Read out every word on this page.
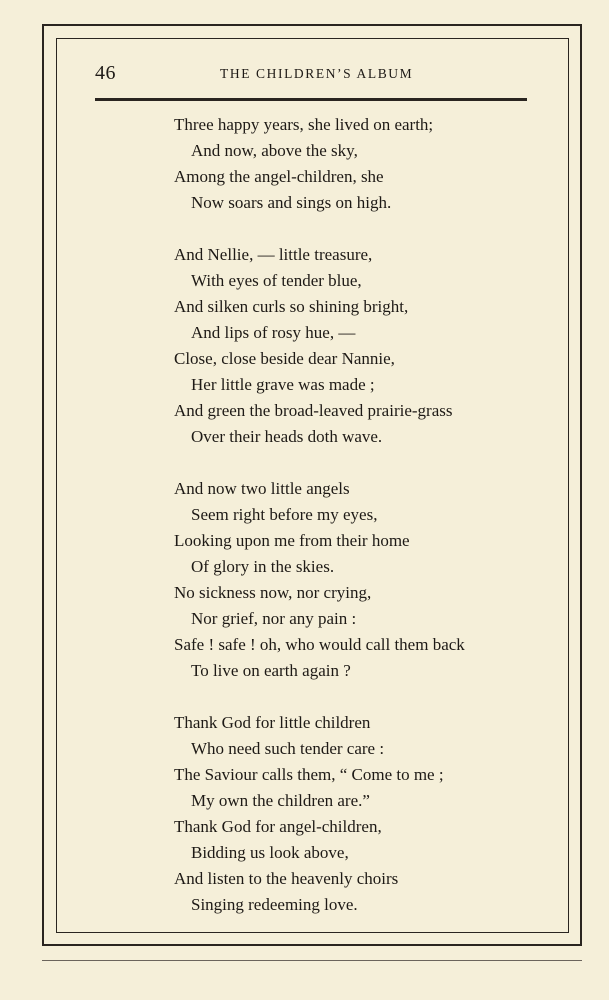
46	THE CHILDREN’S ALBUM
Three happy years, she lived on earth;
And now, above the sky,
Among the angel-children, she
Now soars and sings on high.
And Nellie, — little treasure,
With eyes of tender blue,
And silken curls so shining bright,
And lips of rosy hue, —
Close, close beside dear Nannie,
Her little grave was made ;
And green the broad-leaved prairie-grass
Over their heads doth wave.
And now two little angels
Seem right before my eyes,
Looking upon me from their home
Of glory in the skies.
No sickness now, nor crying,
Nor grief, nor any pain :
Safe ! safe ! oh, who would call them back
To live on earth again ?
Thank God for little children
Who need such tender care :
The Saviour calls them, “ Come to me ;
My own the children are.”
Thank God for angel-children,
Bidding us look above,
And listen to the heavenly choirs
Singing redeeming love.
